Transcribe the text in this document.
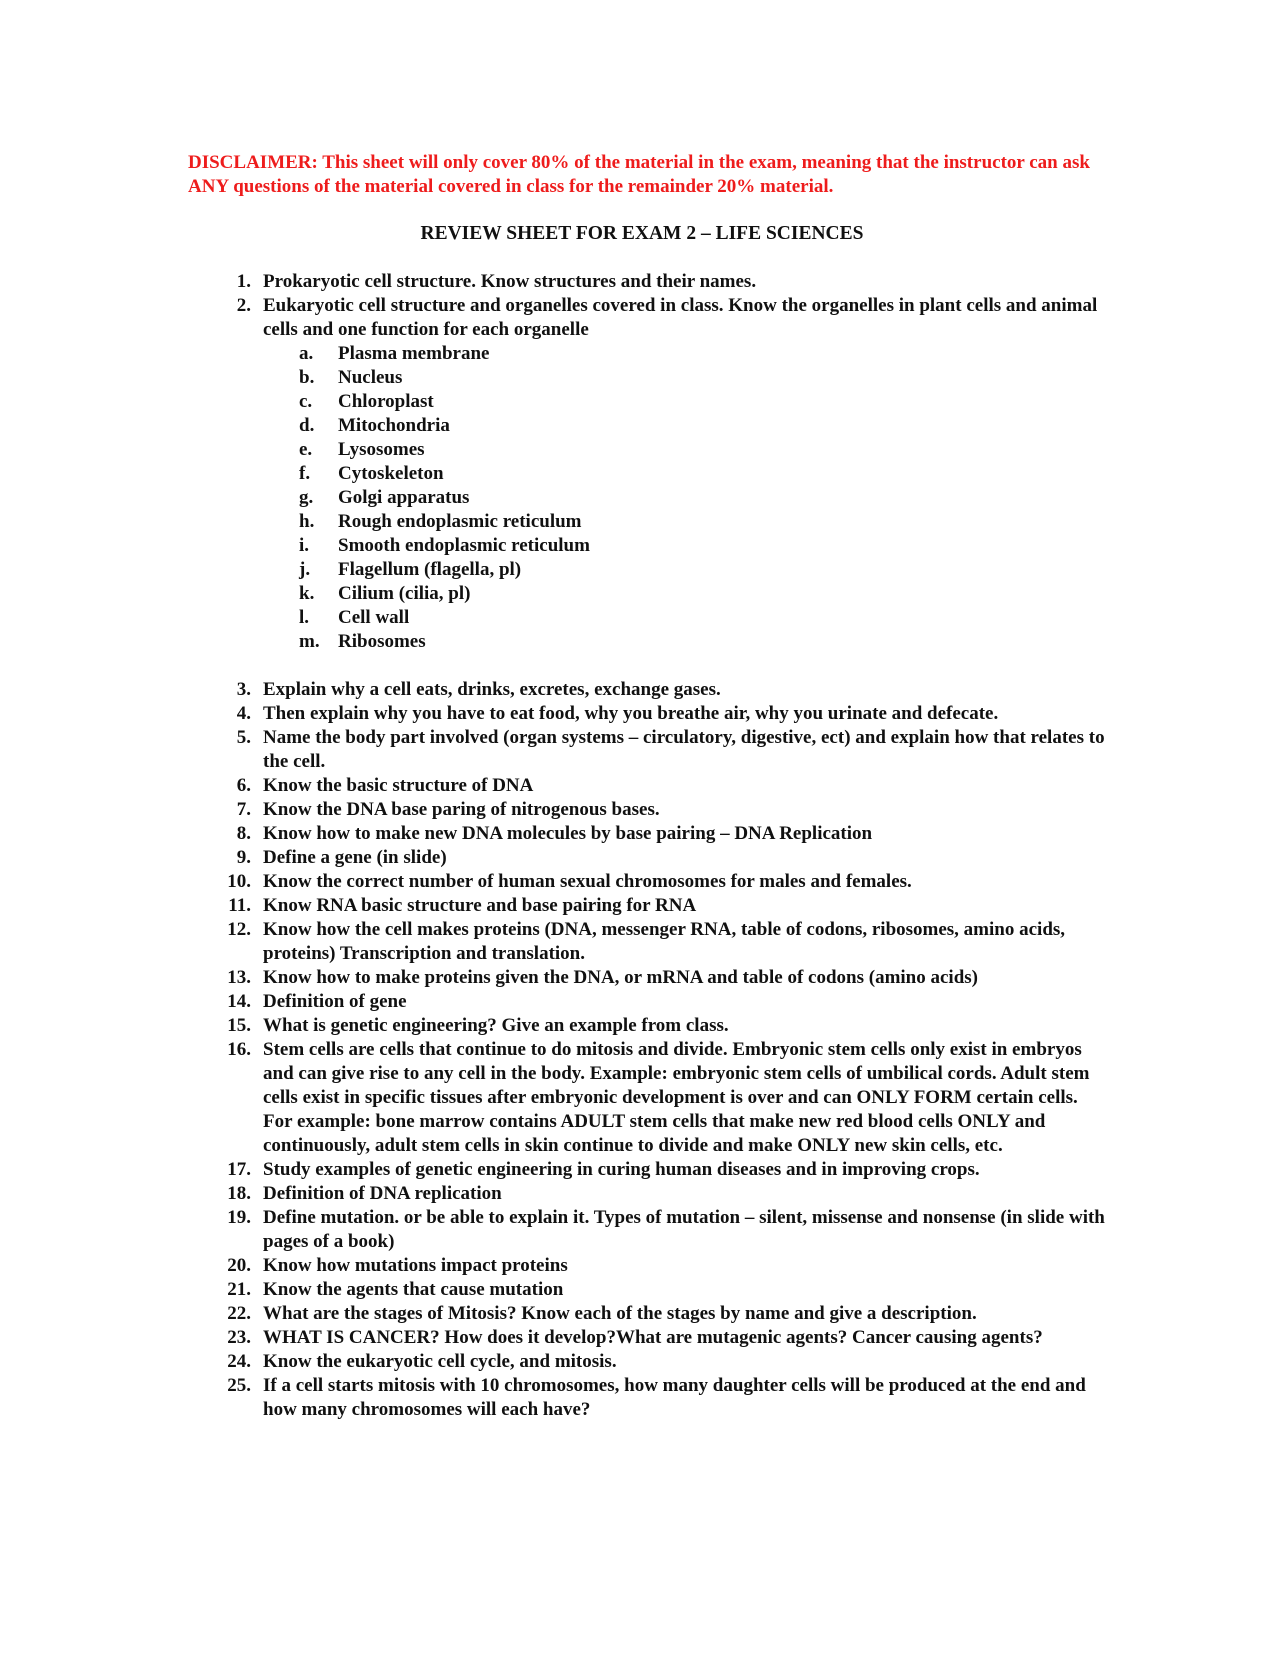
DISCLAIMER: This sheet will only cover 80% of the material in the exam, meaning that the instructor can ask ANY questions of the material covered in class for the remainder 20% material.
REVIEW SHEET FOR EXAM 2 – LIFE SCIENCES
1. Prokaryotic cell structure. Know structures and their names.
2. Eukaryotic cell structure and organelles covered in class. Know the organelles in plant cells and animal cells and one function for each organelle
a.	Plasma membrane
b.	Nucleus
c.	Chloroplast
d.	Mitochondria
e.	Lysosomes
f.	Cytoskeleton
g.	Golgi apparatus
h.	Rough endoplasmic reticulum
i.	Smooth endoplasmic reticulum
j.	Flagellum (flagella, pl)
k.	Cilium (cilia, pl)
l.	Cell wall
m. Ribosomes
3. Explain why a cell eats, drinks, excretes, exchange gases.
4. Then explain why you have to eat food, why you breathe air, why you urinate and defecate.
5. Name the body part involved (organ systems – circulatory, digestive, ect) and explain how that relates to the cell.
6. Know the basic structure of DNA
7. Know the DNA base paring of nitrogenous bases.
8. Know how to make new DNA molecules by base pairing – DNA Replication
9. Define a gene (in slide)
10. Know the correct number of human sexual chromosomes for males and females.
11. Know RNA basic structure and base pairing for RNA
12. Know how the cell makes proteins (DNA, messenger RNA, table of codons, ribosomes, amino acids, proteins) Transcription and translation.
13. Know how to make proteins given the DNA, or mRNA and table of codons (amino acids)
14. Definition of gene
15. What is genetic engineering? Give an example from class.
16. Stem cells are cells that continue to do mitosis and divide. Embryonic stem cells only exist in embryos and can give rise to any cell in the body. Example: embryonic stem cells of umbilical cords. Adult stem cells exist in specific tissues after embryonic development is over and can ONLY FORM certain cells. For example: bone marrow contains ADULT stem cells that make new red blood cells ONLY and continuously, adult stem cells in skin continue to divide and make ONLY new skin cells, etc.
17. Study examples of genetic engineering in curing human diseases and in improving crops.
18. Definition of DNA replication
19. Define mutation. or be able to explain it. Types of mutation – silent, missense and nonsense (in slide with pages of a book)
20. Know how mutations impact proteins
21. Know the agents that cause mutation
22. What are the stages of Mitosis? Know each of the stages by name and give a description.
23. WHAT IS CANCER? How does it develop?What are mutagenic agents? Cancer causing agents?
24. Know the eukaryotic cell cycle, and mitosis.
25. If a cell starts mitosis with 10 chromosomes, how many daughter cells will be produced at the end and how many chromosomes will each have?
